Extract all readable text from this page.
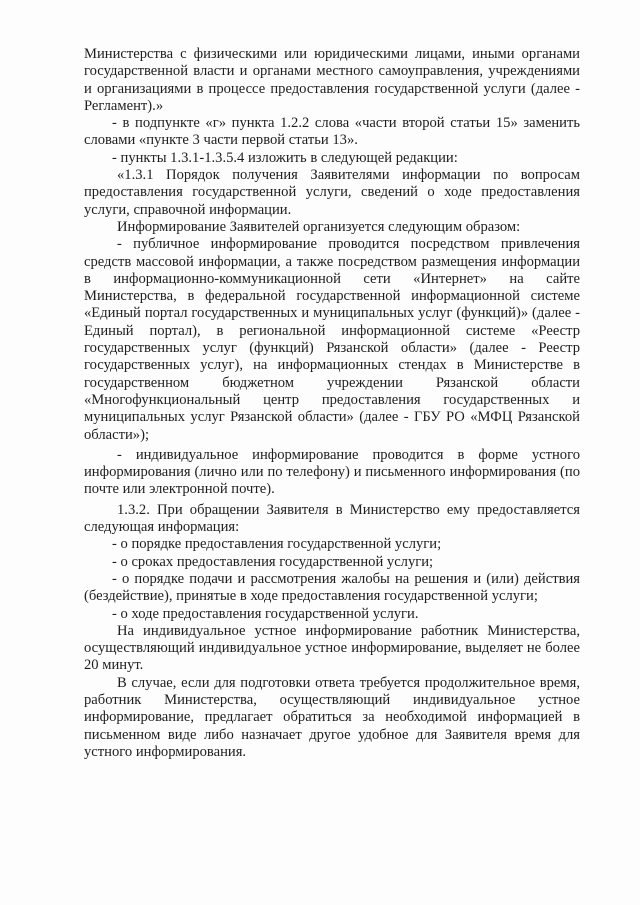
Министерства с физическими или юридическими лицами, иными органами государственной власти и органами местного самоуправления, учреждениями и организациями в процессе предоставления государственной услуги (далее - Регламент).»

- в подпункте «г» пункта 1.2.2 слова «части второй статьи 15» заменить словами «пункте 3 части первой статьи 13».

- пункты 1.3.1-1.3.5.4 изложить в следующей редакции:

«1.3.1 Порядок получения Заявителями информации по вопросам предоставления государственной услуги, сведений о ходе предоставления услуги, справочной информации.

Информирование Заявителей организуется следующим образом:

- публичное информирование проводится посредством привлечения средств массовой информации, а также посредством размещения информации в информационно-коммуникационной сети «Интернет» на сайте Министерства, в федеральной государственной информационной системе «Единый портал государственных и муниципальных услуг (функций)» (далее - Единый портал), в региональной информационной системе «Реестр государственных услуг (функций) Рязанской области» (далее - Реестр государственных услуг), на информационных стендах в Министерстве в государственном бюджетном учреждении Рязанской области «Многофункциональный центр предоставления государственных и муниципальных услуг Рязанской области» (далее - ГБУ РО «МФЦ Рязанской области»);

- индивидуальное информирование проводится в форме устного информирования (лично или по телефону) и письменного информирования (по почте или электронной почте).

1.3.2. При обращении Заявителя в Министерство ему предоставляется следующая информация:

- о порядке предоставления государственной услуги;

- о сроках предоставления государственной услуги;

- о порядке подачи и рассмотрения жалобы на решения и (или) действия (бездействие), принятые в ходе предоставления государственной услуги;

- о ходе предоставления государственной услуги.

На индивидуальное устное информирование работник Министерства, осуществляющий индивидуальное устное информирование, выделяет не более 20 минут.

В случае, если для подготовки ответа требуется продолжительное время, работник Министерства, осуществляющий индивидуальное устное информирование, предлагает обратиться за необходимой информацией в письменном виде либо назначает другое удобное для Заявителя время для устного информирования.
